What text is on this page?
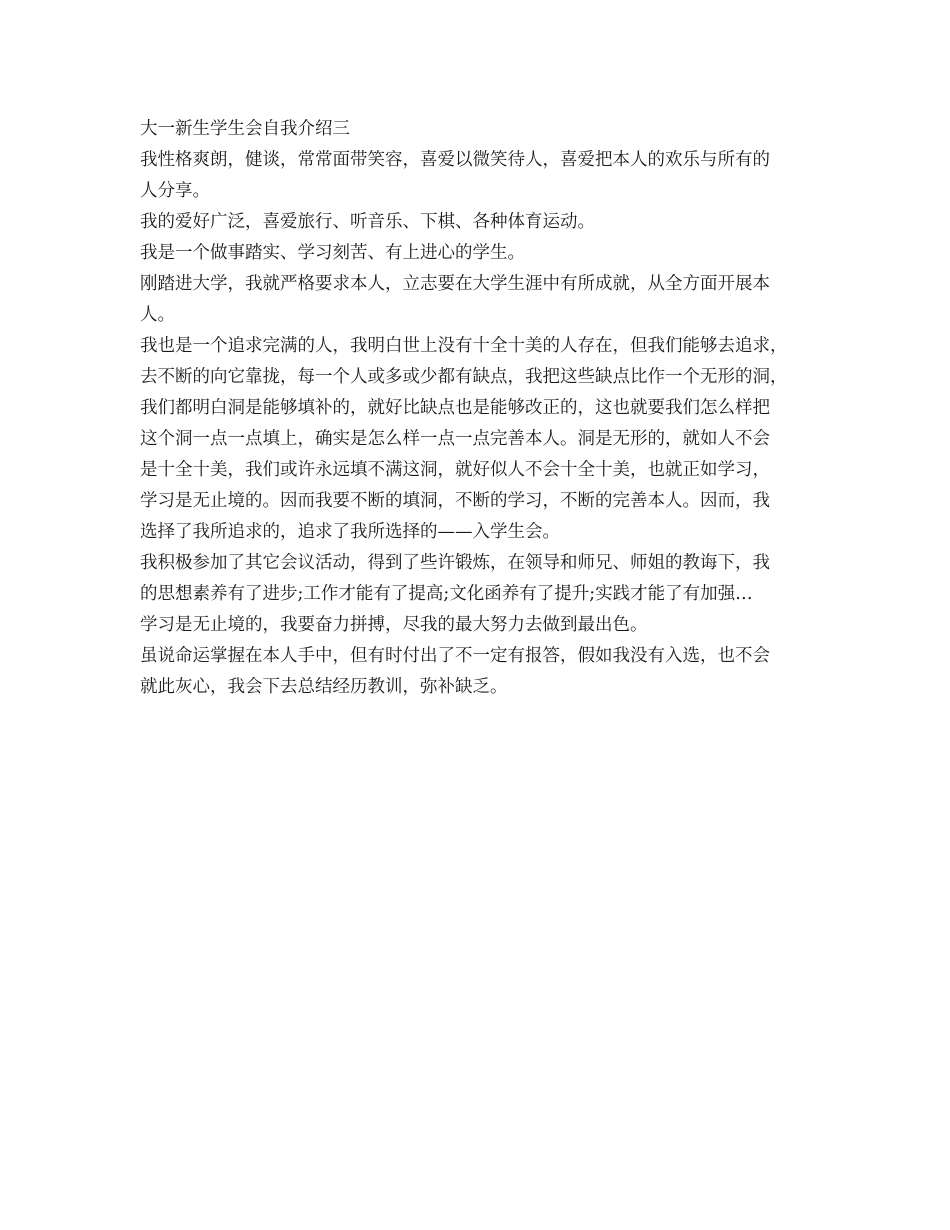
大一新生学生会自我介绍三

我性格爽朗，健谈，常常面带笑容，喜爱以微笑待人，喜爱把本人的欢乐与所有的
人分享。

我的爱好广泛，喜爱旅行、听音乐、下棋、各种体育运动。

我是一个做事踏实、学习刻苦、有上进心的学生。

刚踏进大学，我就严格要求本人，立志要在大学生涯中有所成就，从全方面开展本
人。

我也是一个追求完满的人，我明白世上没有十全十美的人存在，但我们能够去追求，
去不断的向它靠拢，每一个人或多或少都有缺点，我把这些缺点比作一个无形的洞，
我们都明白洞是能够填补的，就好比缺点也是能够改正的，这也就要我们怎么样把
这个洞一点一点填上，确实是怎么样一点一点完善本人。洞是无形的，就如人不会
是十全十美，我们或许永远填不满这洞，就好似人不会十全十美，也就正如学习，
学习是无止境的。因而我要不断的填洞，不断的学习，不断的完善本人。因而，我
选择了我所追求的，追求了我所选择的——入学生会。

我积极参加了其它会议活动，得到了些许锻炼，在领导和师兄、师姐的教诲下，我
的思想素养有了进步;工作才能有了提高;文化函养有了提升;实践才能了有加强…
学习是无止境的，我要奋力拼搏，尽我的最大努力去做到最出色。

虽说命运掌握在本人手中，但有时付出了不一定有报答，假如我没有入选，也不会
就此灰心，我会下去总结经历教训，弥补缺乏。
